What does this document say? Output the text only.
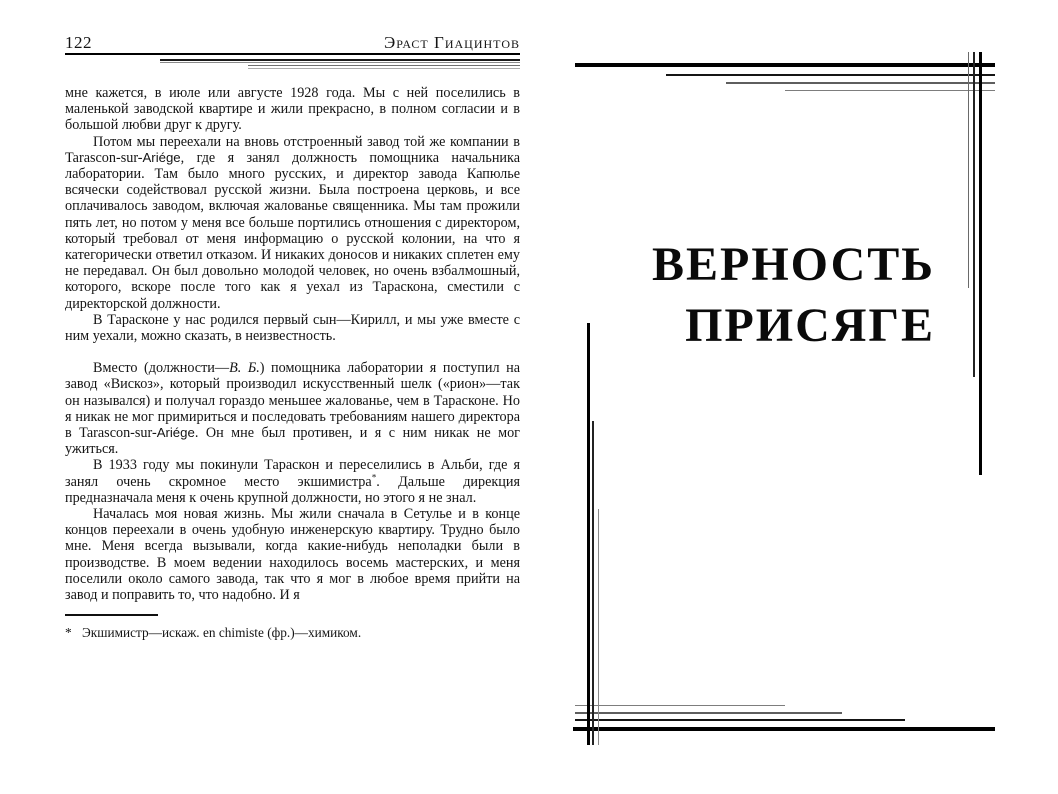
122	Эраст Гиацинтов

мне кажется, в июле или августе 1928 года. Мы с ней поселились в маленькой заводской квартире и жили прекрасно, в полном согласии и в большой любви друг к другу.

Потом мы переехали на вновь отстроенный завод той же компании в Tarascon-sur-Ariége, где я занял должность помощника начальника лаборатории. Там было много русских, и директор завода Капюлье всячески содействовал русской жизни. Была построена церковь, и все оплачивалось заводом, включая жалованье священника. Мы там прожили пять лет, но потом у меня все больше портились отношения с директором, который требовал от меня информацию о русской колонии, на что я категорически ответил отказом. И никаких доносов и никаких сплетен ему не передавал. Он был довольно молодой человек, но очень взбалмошный, которого, вскоре после того как я уехал из Тараскона, сместили с директорской должности.

В Тарасконе у нас родился первый сын—Кирилл, и мы уже вместе с ним уехали, можно сказать, в неизвестность.

Вместо (должности—В. Б.) помощника лаборатории я поступил на завод «Вискоз», который производил искусственный шелк («рион»—так он назывался) и получал гораздо меньшее жалованье, чем в Тарасконе. Но я никак не мог примириться и последовать требованиям нашего директора в Tarascon-sur-Ariége. Он мне был противен, и я с ним никак не мог ужиться.

В 1933 году мы покинули Тараскон и переселились в Альби, где я занял очень скромное место экшимистра*. Дальше дирекция предназначала меня к очень крупной должности, но этого я не знал.

Началась моя новая жизнь. Мы жили сначала в Сетулье и в конце концов переехали в очень удобную инженерскую квартиру. Трудно было мне. Меня всегда вызывали, когда какие-нибудь неполадки были в производстве. В моем ведении находилось восемь мастерских, и меня поселили около самого завода, так что я мог в любое время прийти на завод и поправить то, что надобно. И я

* Экшимистр—искаж. en chimiste (фр.)—химиком.
ВЕРНОСТЬ
ПРИСЯГЕ
